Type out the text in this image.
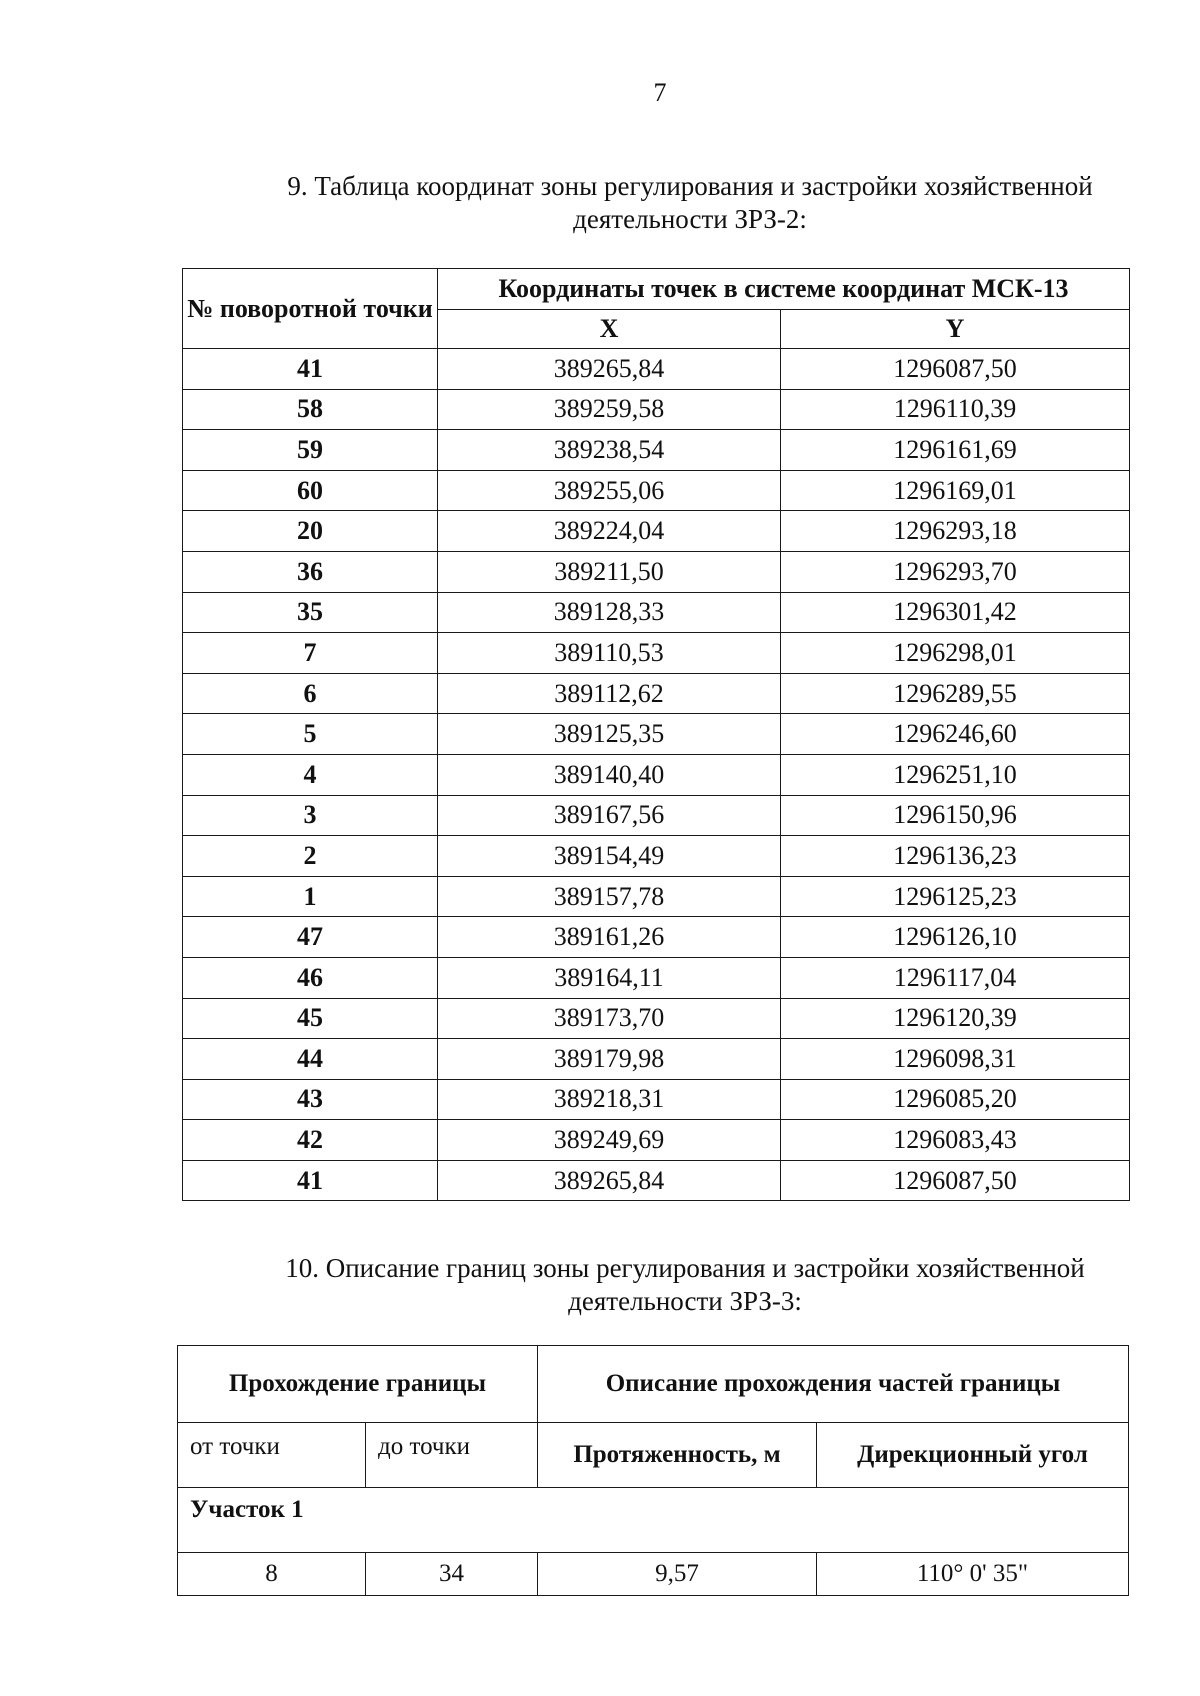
7
9. Таблица координат зоны регулирования и застройки хозяйственной
деятельности ЗРЗ-2:
№ поворотной точки	Координаты точек в системе координат МСК-13	
	X	Y
41	389265,84	1296087,50
58	389259,58	1296110,39
59	389238,54	1296161,69
60	389255,06	1296169,01
20	389224,04	1296293,18
36	389211,50	1296293,70
35	389128,33	1296301,42
7	389110,53	1296298,01
6	389112,62	1296289,55
5	389125,35	1296246,60
4	389140,40	1296251,10
3	389167,56	1296150,96
2	389154,49	1296136,23
1	389157,78	1296125,23
47	389161,26	1296126,10
46	389164,11	1296117,04
45	389173,70	1296120,39
44	389179,98	1296098,31
43	389218,31	1296085,20
42	389249,69	1296083,43
41	389265,84	1296087,50
10. Описание границ зоны регулирования и застройки хозяйственной
деятельности ЗРЗ-3:
Прохождение границы		Описание прохождения частей границы	
от точки	до точки	Протяженность, м	Дирекционный угол
Участок 1			
8	34	9,57	110° 0' 35"
